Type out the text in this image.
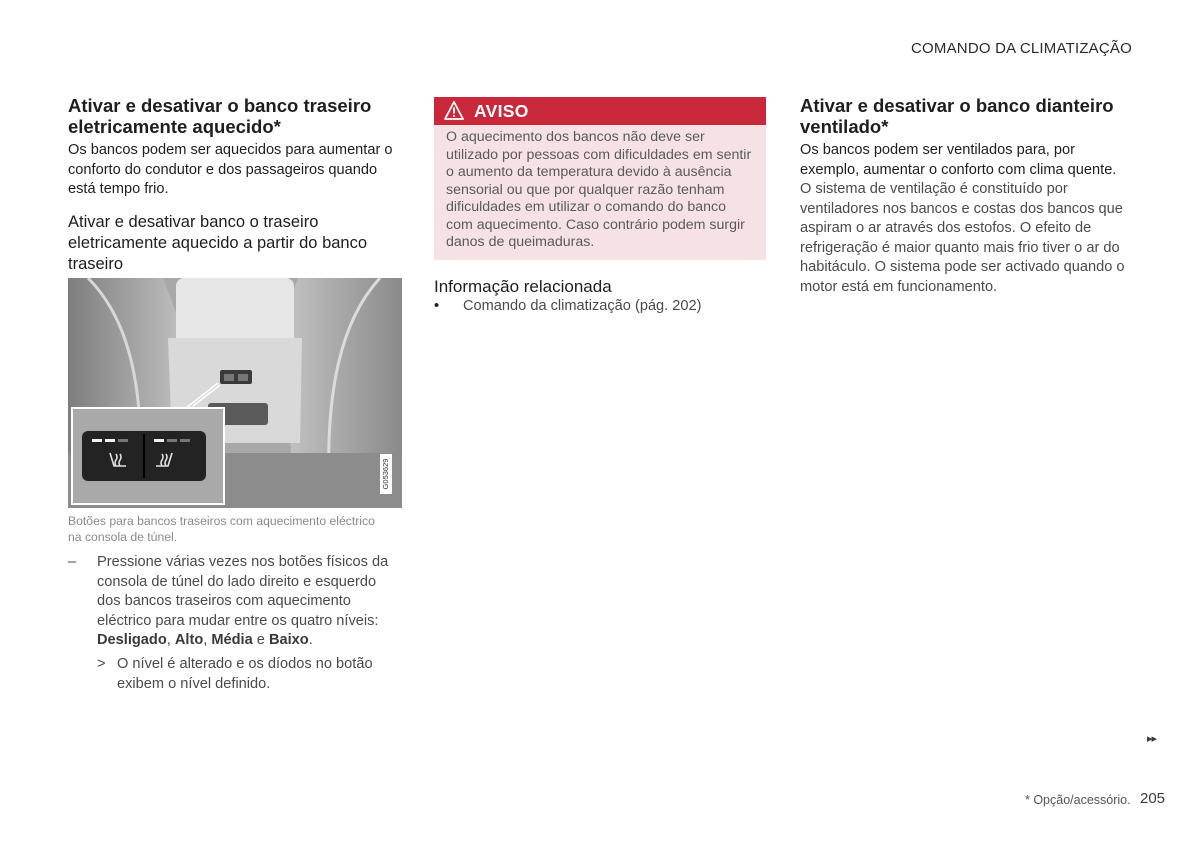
COMANDO DA CLIMATIZAÇÃO
Ativar e desativar o banco traseiro eletricamente aquecido*
Os bancos podem ser aquecidos para aumentar o conforto do condutor e dos passageiros quando está tempo frio.
Ativar e desativar banco o traseiro eletricamente aquecido a partir do banco traseiro
G053629
Botões para bancos traseiros com aquecimento eléctrico na consola de túnel.
– Pressione várias vezes nos botões físicos da consola de túnel do lado direito e esquerdo dos bancos traseiros com aquecimento eléctrico para mudar entre os quatro níveis: Desligado, Alto, Média e Baixo.
> O nível é alterado e os díodos no botão exibem o nível definido.
AVISO
O aquecimento dos bancos não deve ser utilizado por pessoas com dificuldades em sentir o aumento da temperatura devido à ausência sensorial ou que por qualquer razão tenham dificuldades em utilizar o comando do banco com aquecimento. Caso contrário podem surgir danos de queimaduras.
Informação relacionada
• Comando da climatização (pág. 202)
Ativar e desativar o banco dianteiro ventilado*
Os bancos podem ser ventilados para, por exemplo, aumentar o conforto com clima quente.
O sistema de ventilação é constituído por ventiladores nos bancos e costas dos bancos que aspiram o ar através dos estofos. O efeito de refrigeração é maior quanto mais frio tiver o ar do habitáculo. O sistema pode ser activado quando o motor está em funcionamento.
▸▸
* Opção/acessório. 205
